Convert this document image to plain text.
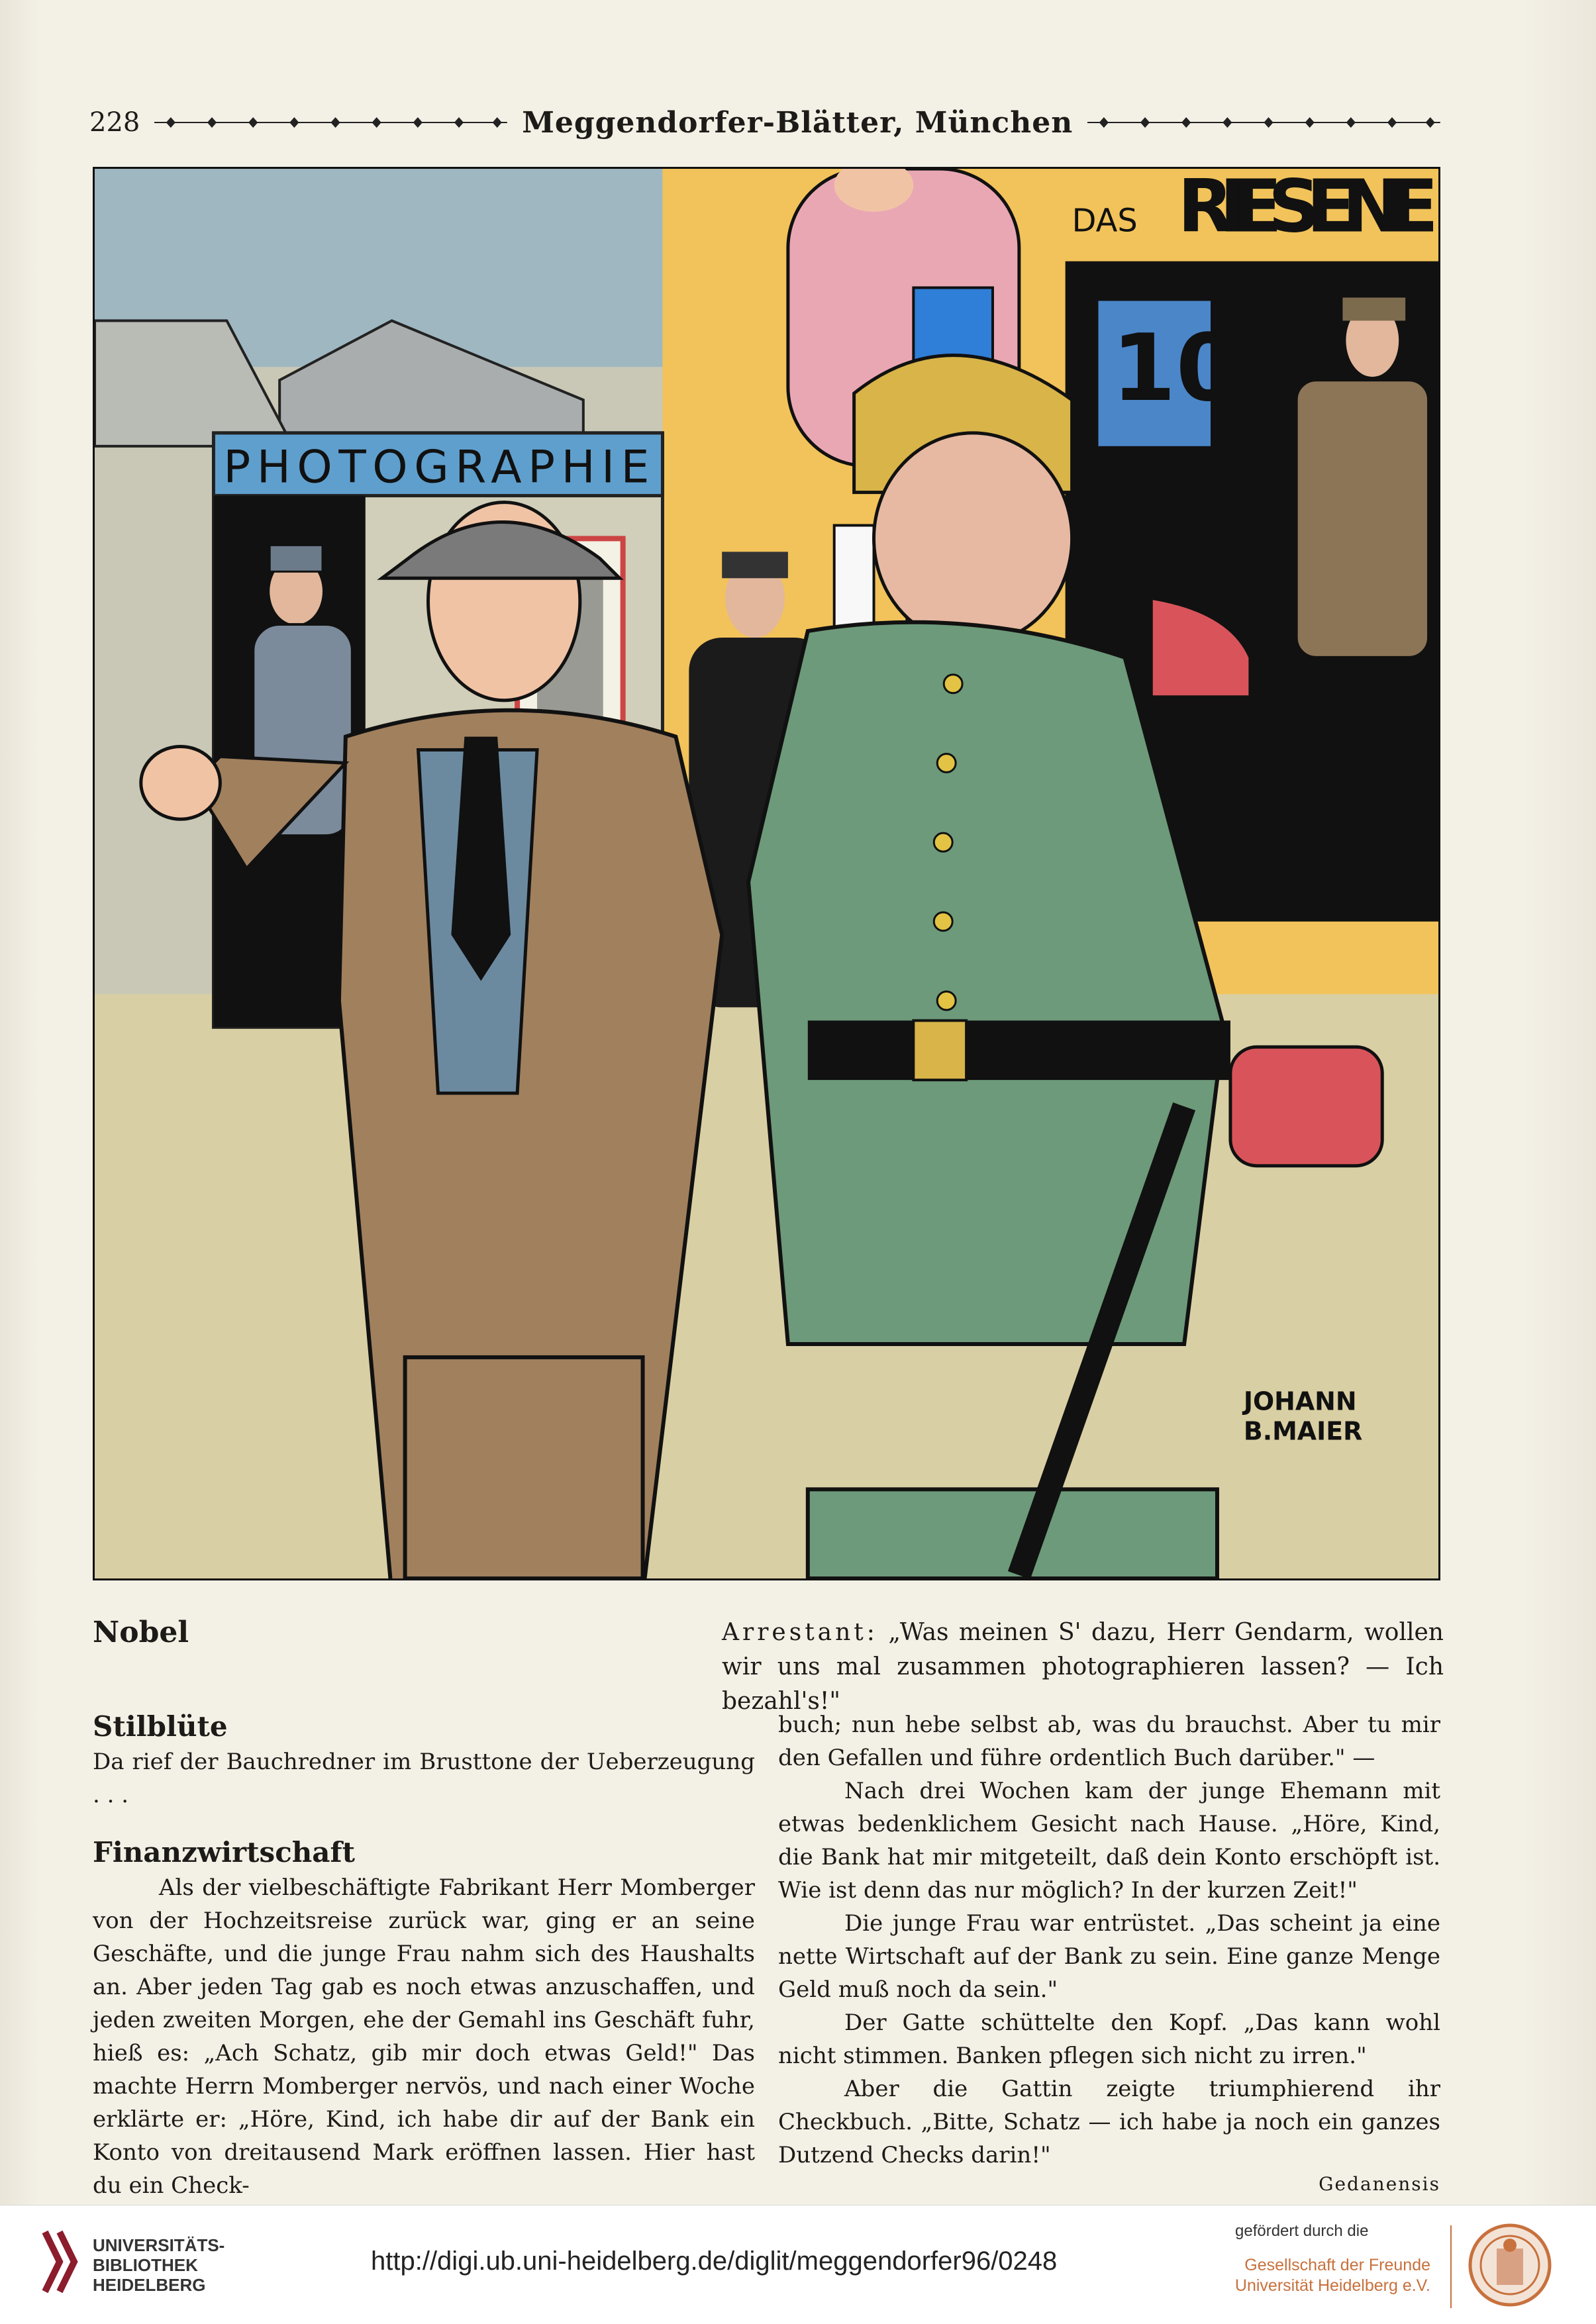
228	Meggendorfer-Blätter, München
PHOTOGRAPHIE
DAS RIESENE
10
JOHANN
B.MAIER
Nobel	Arrestant: „Was meinen S' dazu, Herr Gendarm, wollen wir uns mal zusammen photographieren lassen? — Ich bezahl's!"
Stilblüte

Da rief der Bauchredner im Brusttone der Ueberzeugung . . .

Finanzwirtschaft

Als der vielbeschäftigte Fabrikant Herr Momberger von der Hochzeitsreise zurück war, ging er an seine Geschäfte, und die junge Frau nahm sich des Haushalts an. Aber jeden Tag gab es noch etwas anzuschaffen, und jeden zweiten Morgen, ehe der Gemahl ins Geschäft fuhr, hieß es: „Ach Schatz, gib mir doch etwas Geld!" Das machte Herrn Momberger nervös, und nach einer Woche erklärte er: „Höre, Kind, ich habe dir auf der Bank ein Konto von dreitausend Mark eröffnen lassen. Hier hast du ein Check-

buch; nun hebe selbst ab, was du brauchst. Aber tu mir den Gefallen und führe ordentlich Buch darüber." —

Nach drei Wochen kam der junge Ehemann mit etwas bedenklichem Gesicht nach Hause. „Höre, Kind, die Bank hat mir mitgeteilt, daß dein Konto erschöpft ist. Wie ist denn das nur möglich? In der kurzen Zeit!"

Die junge Frau war entrüstet. „Das scheint ja eine nette Wirtschaft auf der Bank zu sein. Eine ganze Menge Geld muß noch da sein."

Der Gatte schüttelte den Kopf. „Das kann wohl nicht stimmen. Banken pflegen sich nicht zu irren."

Aber die Gattin zeigte triumphierend ihr Checkbuch. „Bitte, Schatz — ich habe ja noch ein ganzes Dutzend Checks darin!"

Gedanensis
UNIVERSITÄTS-
BIBLIOTHEK
HEIDELBERG
http://digi.ub.uni-heidelberg.de/diglit/meggendorfer96/0248
gefördert durch die
Gesellschaft der Freunde
Universität Heidelberg e.V.
